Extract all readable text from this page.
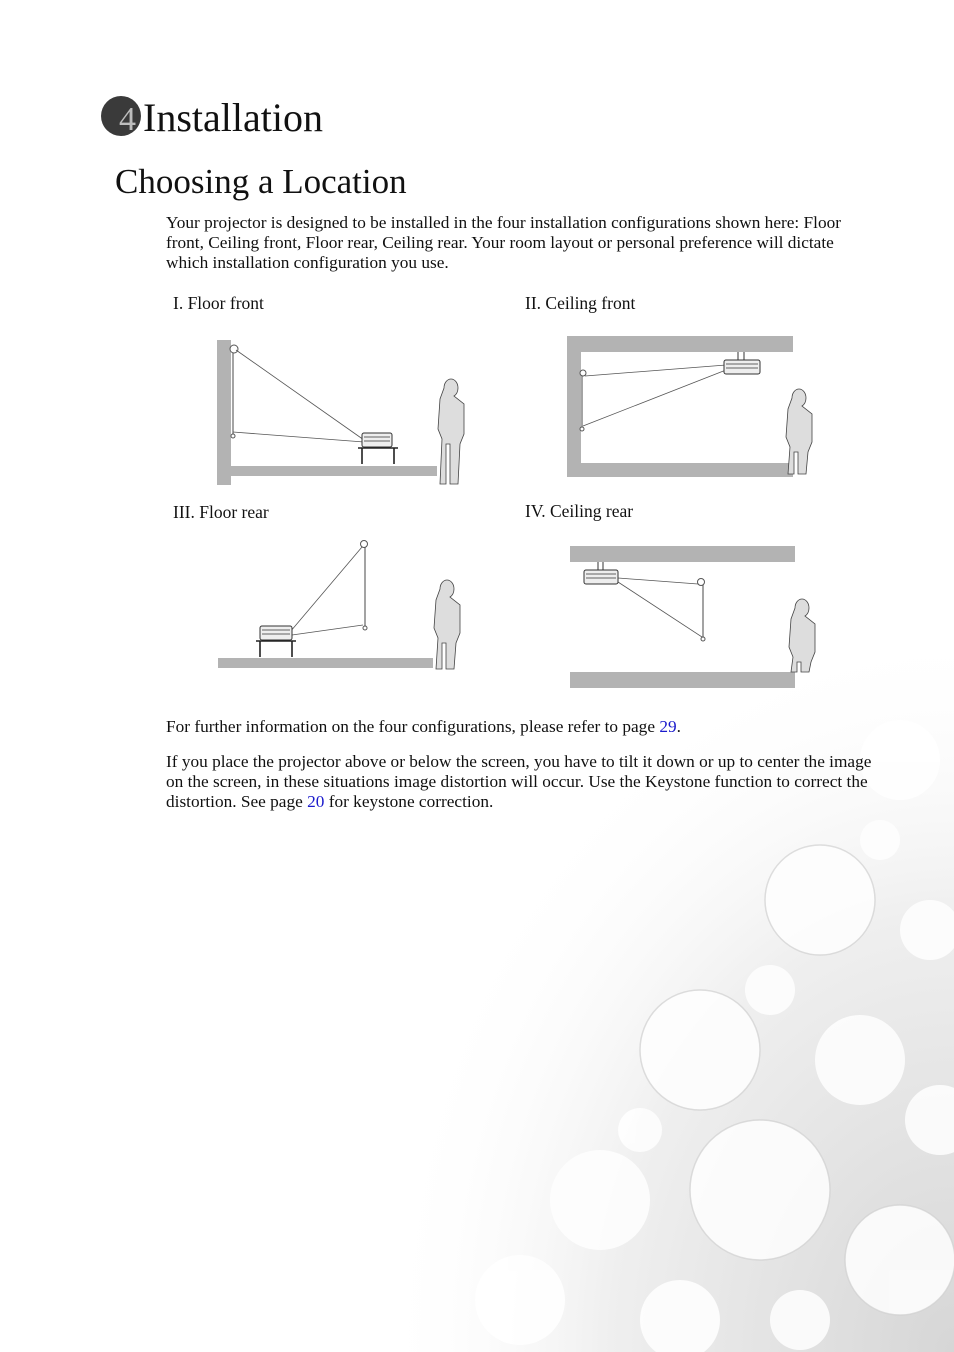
4 Installation
Choosing a Location

Your projector is designed to be installed in the four installation configurations shown here: Floor front, Ceiling front, Floor rear, Ceiling rear. Your room layout or personal preference will dictate which installation configuration you use.

I. Floor front	II. Ceiling front
III. Floor rear	IV. Ceiling rear

For further information on the four configurations, please refer to page 29.

If you place the projector above or below the screen, you have to tilt it down or up to center the image on the screen, in these situations image distortion will occur. Use the Keystone function to correct the distortion. See page 20 for keystone correction.
